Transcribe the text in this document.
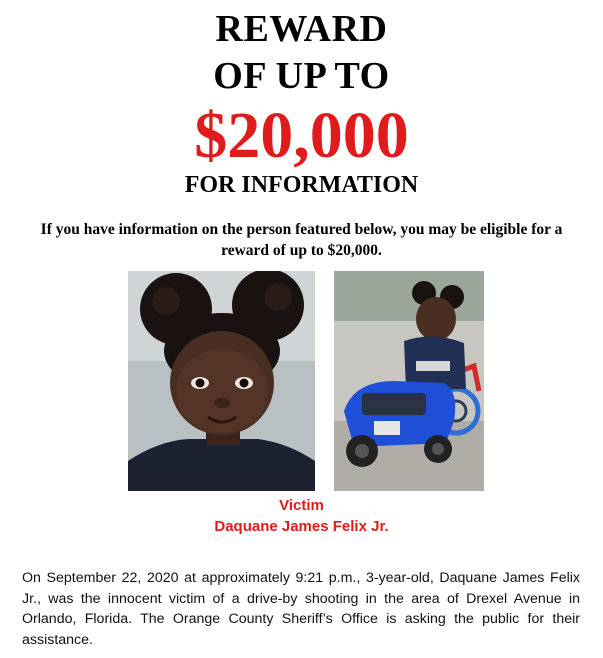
REWARD
OF UP TO
$20,000
FOR INFORMATION
If you have information on the person featured below, you may be eligible for a reward of up to $20,000.
Victim
Daquane James Felix Jr.
On September 22, 2020 at approximately 9:21 p.m., 3-year-old, Daquane James Felix Jr., was the innocent victim of a drive-by shooting in the area of Drexel Avenue in Orlando, Florida. The Orange County Sheriff’s Office is asking the public for their assistance.
